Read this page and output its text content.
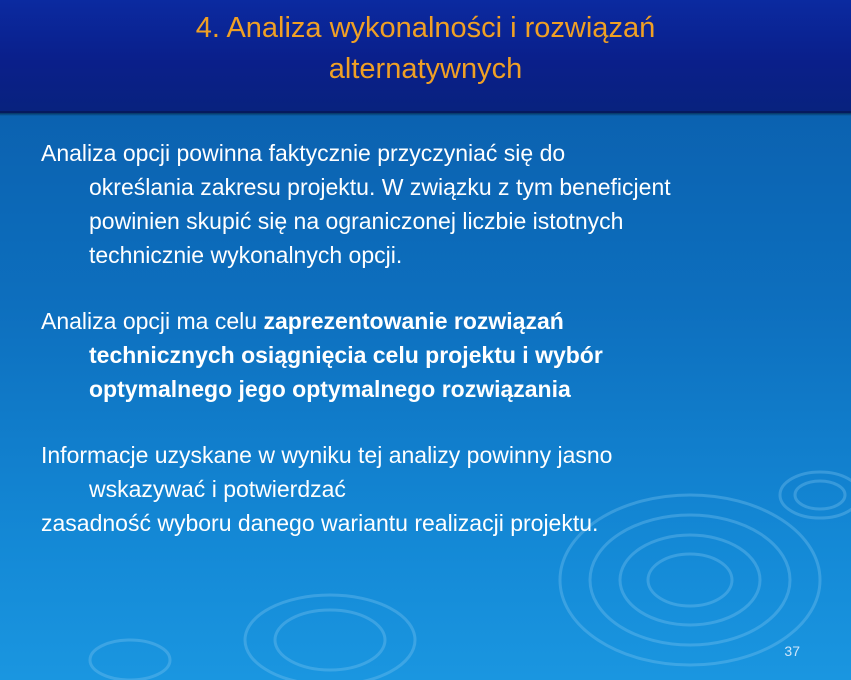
4. Analiza wykonalności i rozwiązań
alternatywnych
Analiza opcji powinna faktycznie przyczyniać się do
określania zakresu projektu. W związku z tym beneficjent
powinien skupić się na ograniczonej liczbie istotnych
technicznie wykonalnych opcji.
Analiza opcji ma celu zaprezentowanie rozwiązań
technicznych osiągnięcia celu projektu i wybór
optymalnego jego optymalnego rozwiązania
Informacje uzyskane w wyniku tej analizy powinny jasno
wskazywać i potwierdzać
zasadność wyboru danego wariantu realizacji projektu.
37
